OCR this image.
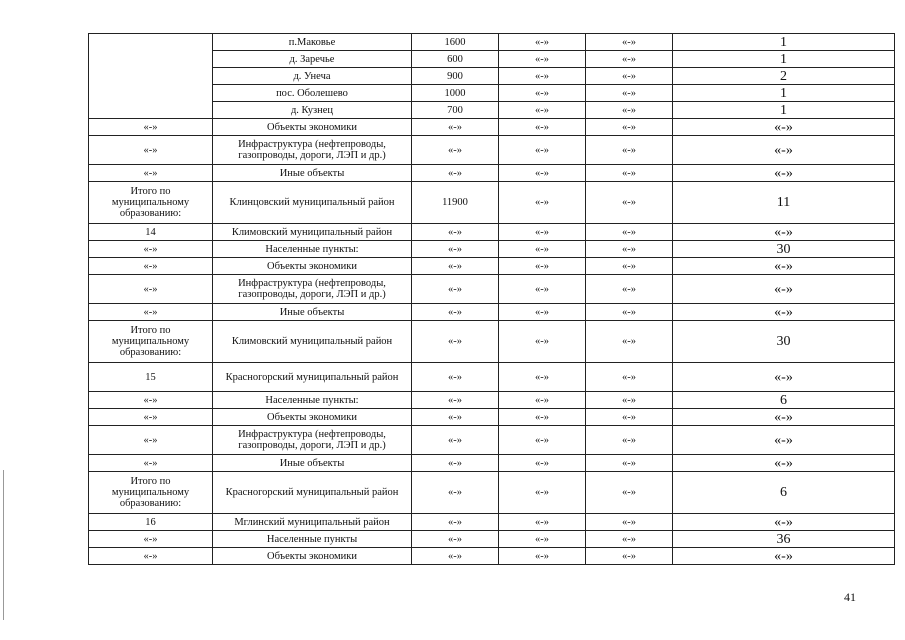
	п.Маковье	1600	«-»	«-»	1
	д. Заречье	600	«-»	«-»	1
	д. Унеча	900	«-»	«-»	2
	пос. Оболешево	1000	«-»	«-»	1
	д. Кузнец	700	«-»	«-»	1
«-»	Объекты экономики	«-»	«-»	«-»	«-»
«-»	Инфраструктура (нефтепроводы, газопроводы, дороги, ЛЭП и др.)	«-»	«-»	«-»	«-»
«-»	Иные объекты	«-»	«-»	«-»	«-»
Итого по муниципальному образованию:	Клинцовский муниципальный район	11900	«-»	«-»	11
14	Климовский муниципальный район	«-»	«-»	«-»	«-»
«-»	Населенные пункты:	«-»	«-»	«-»	30
«-»	Объекты экономики	«-»	«-»	«-»	«-»
«-»	Инфраструктура (нефтепроводы, газопроводы, дороги, ЛЭП и др.)	«-»	«-»	«-»	«-»
«-»	Иные объекты	«-»	«-»	«-»	«-»
Итого по муниципальному образованию:	Климовский муниципальный район	«-»	«-»	«-»	30
15	Красногорский муниципальный район	«-»	«-»	«-»	«-»
«-»	Населенные пункты:	«-»	«-»	«-»	6
«-»	Объекты экономики	«-»	«-»	«-»	«-»
«-»	Инфраструктура (нефтепроводы, газопроводы, дороги, ЛЭП и др.)	«-»	«-»	«-»	«-»
«-»	Иные объекты	«-»	«-»	«-»	«-»
Итого по муниципальному образованию:	Красногорский муниципальный район	«-»	«-»	«-»	6
16	Мглинский муниципальный район	«-»	«-»	«-»	«-»
«-»	Населенные пункты	«-»	«-»	«-»	36
«-»	Объекты экономики	«-»	«-»	«-»	«-»
41
